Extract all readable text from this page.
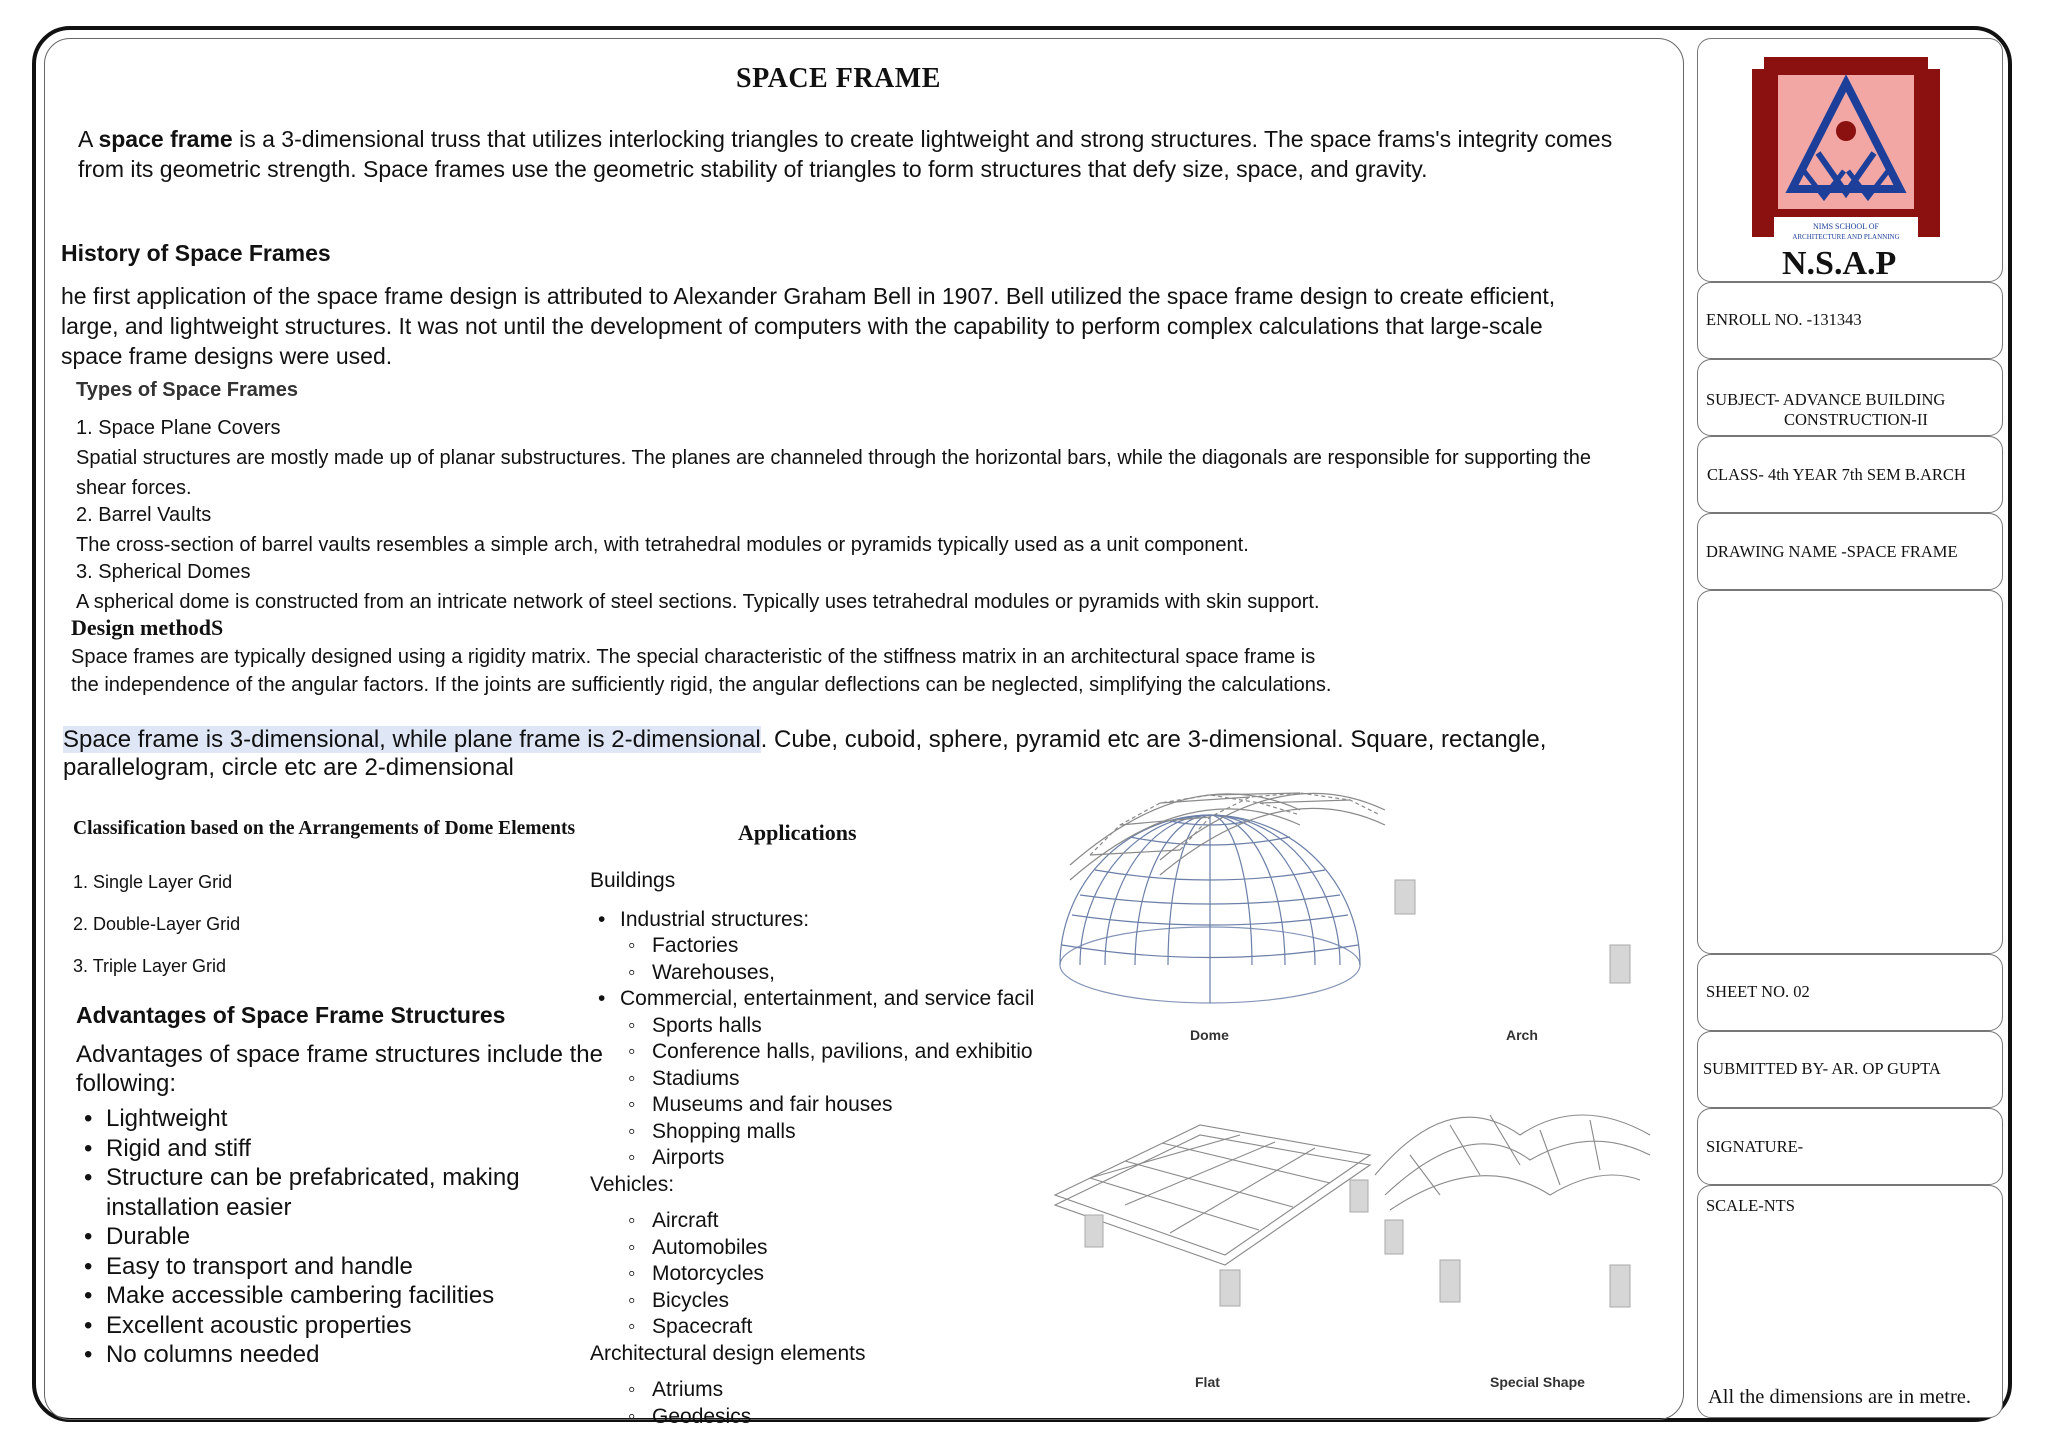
SPACE FRAME
A space frame is a 3-dimensional truss that utilizes interlocking triangles to create lightweight and strong structures. The space frams's integrity comes from its geometric strength. Space frames use the geometric stability of triangles to form structures that defy size, space, and gravity.
History of Space Frames
he first application of the space frame design is attributed to Alexander Graham Bell in 1907. Bell utilized the space frame design to create efficient, large, and lightweight structures. It was not until the development of computers with the capability to perform complex calculations that large-scale space frame designs were used.
Types of Space Frames
1. Space Plane Covers
Spatial structures are mostly made up of planar substructures. The planes are channeled through the horizontal bars, while the diagonals are responsible for supporting the shear forces.
2. Barrel Vaults
The cross-section of barrel vaults resembles a simple arch, with tetrahedral modules or pyramids typically used as a unit component.
3. Spherical Domes
A spherical dome is constructed from an intricate network of steel sections. Typically uses tetrahedral modules or pyramids with skin support.
Design methodS
Space frames are typically designed using a rigidity matrix. The special characteristic of the stiffness matrix in an architectural space frame is
the independence of the angular factors. If the joints are sufficiently rigid, the angular deflections can be neglected, simplifying the calculations.
Space frame is 3-dimensional, while plane frame is 2-dimensional. Cube, cuboid, sphere, pyramid etc are 3-dimensional. Square, rectangle, parallelogram, circle etc are 2-dimensional
Classification based on the Arrangements of Dome Elements
1. Single Layer Grid
2. Double-Layer Grid
3. Triple Layer Grid
Advantages of Space Frame Structures
Advantages of space frame structures include the following:
• Lightweight
• Rigid and stiff
• Structure can be prefabricated, making installation easier
• Durable
• Easy to transport and handle
• Make accessible cambering facilities
• Excellent acoustic properties
• No columns needed
Applications
Buildings
• Industrial structures:
◦ Factories
◦ Warehouses,
• Commercial, entertainment, and service facil
◦ Sports halls
◦ Conference halls, pavilions, and exhibitio
◦ Stadiums
◦ Museums and fair houses
◦ Shopping malls
◦ Airports
Vehicles:
◦ Aircraft
◦ Automobiles
◦ Motorcycles
◦ Bicycles
◦ Spacecraft
Architectural design elements
◦ Atriums
◦ Geodesics
Dome	Arch
Flat	Special Shape
NIMS SCHOOL OF
ARCHITECTURE AND PLANNING
N.S.A.P
ENROLL NO. -131343
SUBJECT- ADVANCE BUILDING
CONSTRUCTION-II
CLASS- 4th YEAR 7th SEM B.ARCH
DRAWING NAME -SPACE FRAME
SHEET NO. 02
SUBMITTED BY- AR. OP GUPTA
SIGNATURE-
SCALE-NTS
All the dimensions are in metre.
